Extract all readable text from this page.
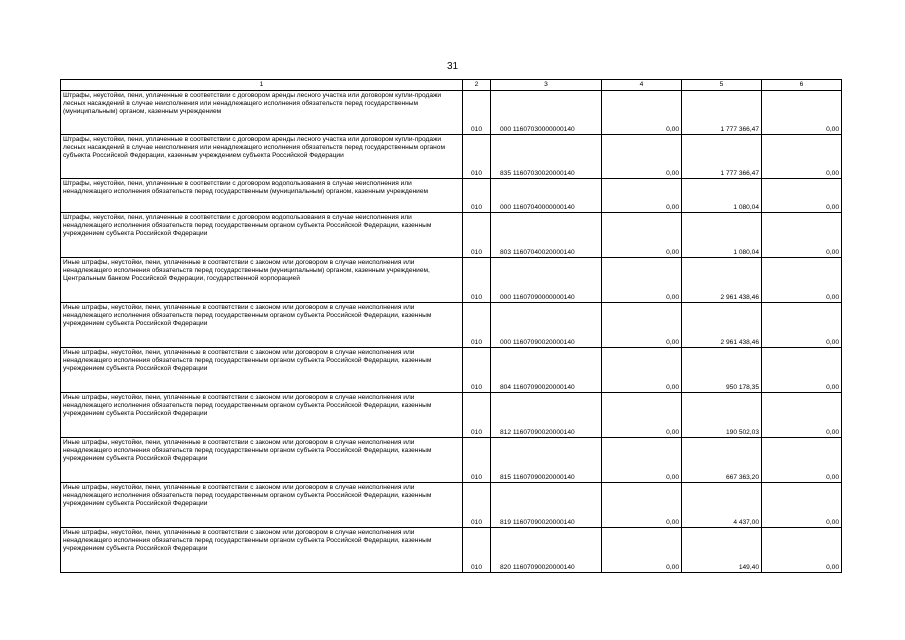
31
1	2	3	4	5	6
Штрафы, неустойки, пени, уплаченные в соответствии с договором аренды лесного участка или договором купли-продажи лесных насаждений в случае неисполнения или ненадлежащего исполнения обязательств перед государственным (муниципальным) органом, казенным учреждением	010	000 11607030000000140	0,00	1 777 366,47	0,00
Штрафы, неустойки, пени, уплаченные в соответствии с договором аренды лесного участка или договором купли-продажи лесных насаждений в случае неисполнения или ненадлежащего исполнения обязательств перед государственным органом субъекта Российской Федерации, казенным учреждением субъекта Российской Федерации	010	835 11607030020000140	0,00	1 777 366,47	0,00
Штрафы, неустойки, пени, уплаченные в соответствии с договором водопользования в случае неисполнения или ненадлежащего исполнения обязательств перед государственным (муниципальным) органом, казенным учреждением	010	000 11607040000000140	0,00	1 080,04	0,00
Штрафы, неустойки, пени, уплаченные в соответствии с договором водопользования в случае неисполнения или ненадлежащего исполнения обязательств перед государственным органом субъекта Российской Федерации, казенным учреждением субъекта Российской Федерации	010	803 11607040020000140	0,00	1 080,04	0,00
Иные штрафы, неустойки, пени, уплаченные в соответствии с законом или договором в случае неисполнения или ненадлежащего исполнения обязательств перед государственным (муниципальным) органом, казенным учреждением, Центральным банком Российской Федерации, государственной корпорацией	010	000 11607090000000140	0,00	2 961 438,46	0,00
Иные штрафы, неустойки, пени, уплаченные в соответствии с законом или договором в случае неисполнения или ненадлежащего исполнения обязательств перед государственным органом субъекта Российской Федерации, казенным учреждением субъекта Российской Федерации	010	000 11607090020000140	0,00	2 961 438,46	0,00
Иные штрафы, неустойки, пени, уплаченные в соответствии с законом или договором в случае неисполнения или ненадлежащего исполнения обязательств перед государственным органом субъекта Российской Федерации, казенным учреждением субъекта Российской Федерации	010	804 11607090020000140	0,00	950 178,35	0,00
Иные штрафы, неустойки, пени, уплаченные в соответствии с законом или договором в случае неисполнения или ненадлежащего исполнения обязательств перед государственным органом субъекта Российской Федерации, казенным учреждением субъекта Российской Федерации	010	812 11607090020000140	0,00	190 502,03	0,00
Иные штрафы, неустойки, пени, уплаченные в соответствии с законом или договором в случае неисполнения или ненадлежащего исполнения обязательств перед государственным органом субъекта Российской Федерации, казенным учреждением субъекта Российской Федерации	010	815 11607090020000140	0,00	667 363,20	0,00
Иные штрафы, неустойки, пени, уплаченные в соответствии с законом или договором в случае неисполнения или ненадлежащего исполнения обязательств перед государственным органом субъекта Российской Федерации, казенным учреждением субъекта Российской Федерации	010	819 11607090020000140	0,00	4 437,00	0,00
Иные штрафы, неустойки, пени, уплаченные в соответствии с законом или договором в случае неисполнения или ненадлежащего исполнения обязательств перед государственным органом субъекта Российской Федерации, казенным учреждением субъекта Российской Федерации	010	820 11607090020000140	0,00	149,40	0,00
